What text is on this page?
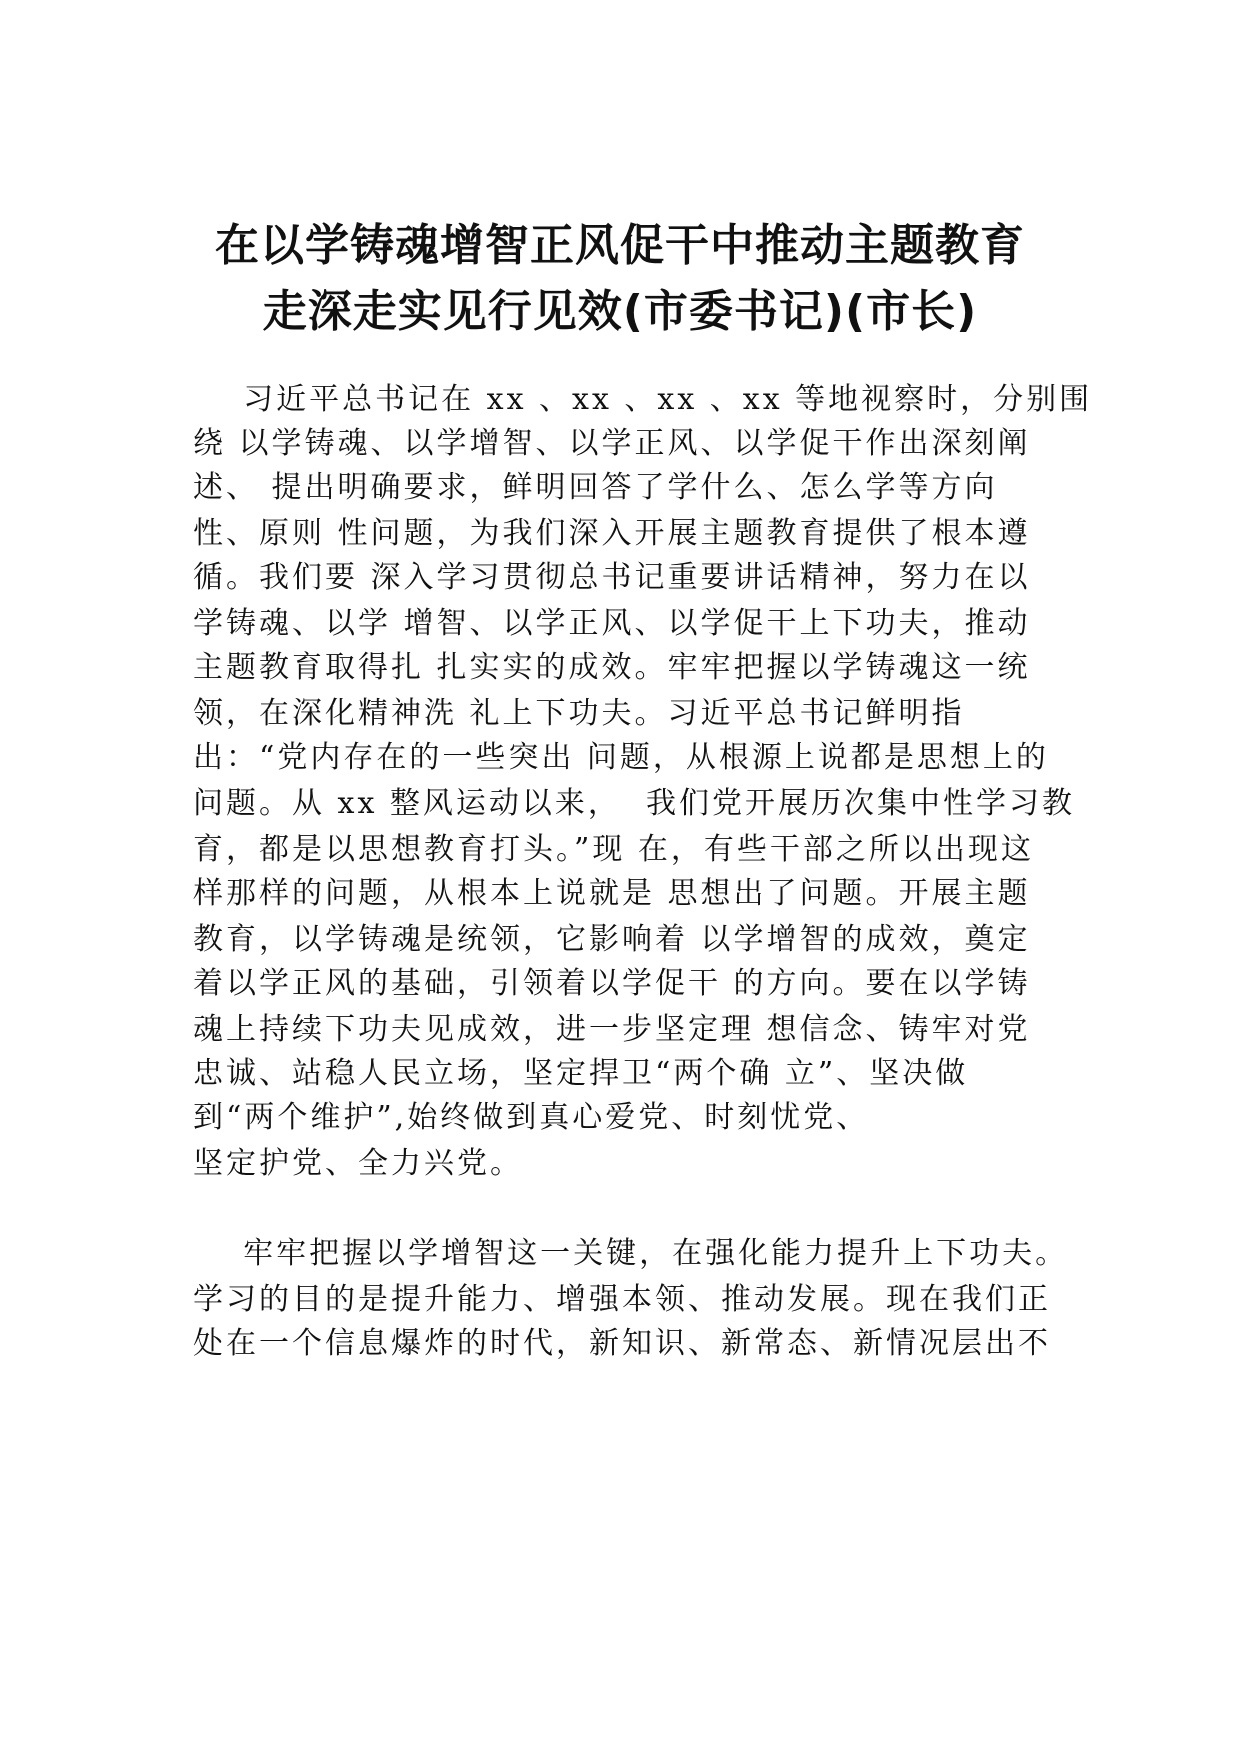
在以学铸魂增智正风促干中推动主题教育
走深走实见行见效(市委书记)(市长)
习近平总书记在 xx 、xx 、xx 、xx 等地视察时，分别围
绕 以学铸魂、以学增智、以学正风、以学促干作出深刻阐
述、 提出明确要求，鲜明回答了学什么、怎么学等方向
性、原则 性问题，为我们深入开展主题教育提供了根本遵
循。我们要 深入学习贯彻总书记重要讲话精神，努力在以
学铸魂、以学 增智、以学正风、以学促干上下功夫，推动
主题教育取得扎 扎实实的成效。牢牢把握以学铸魂这一统
领，在深化精神洗 礼上下功夫。习近平总书记鲜明指
出：“党内存在的一些突出 问题，从根源上说都是思想上的
问题。从 xx 整风运动以来，  我们党开展历次集中性学习教
育，都是以思想教育打头。”现 在，有些干部之所以出现这
样那样的问题，从根本上说就是 思想出了问题。开展主题
教育，以学铸魂是统领，它影响着 以学增智的成效，奠定
着以学正风的基础，引领着以学促干 的方向。要在以学铸
魂上持续下功夫见成效，进一步坚定理 想信念、铸牢对党
忠诚、站稳人民立场，坚定捍卫“两个确 立”、坚决做
到“两个维护”,始终做到真心爱党、时刻忧党、
坚定护党、全力兴党。
牢牢把握以学增智这一关键，在强化能力提升上下功夫。
学习的目的是提升能力、增强本领、推动发展。现在我们正
处在一个信息爆炸的时代，新知识、新常态、新情况层出不
